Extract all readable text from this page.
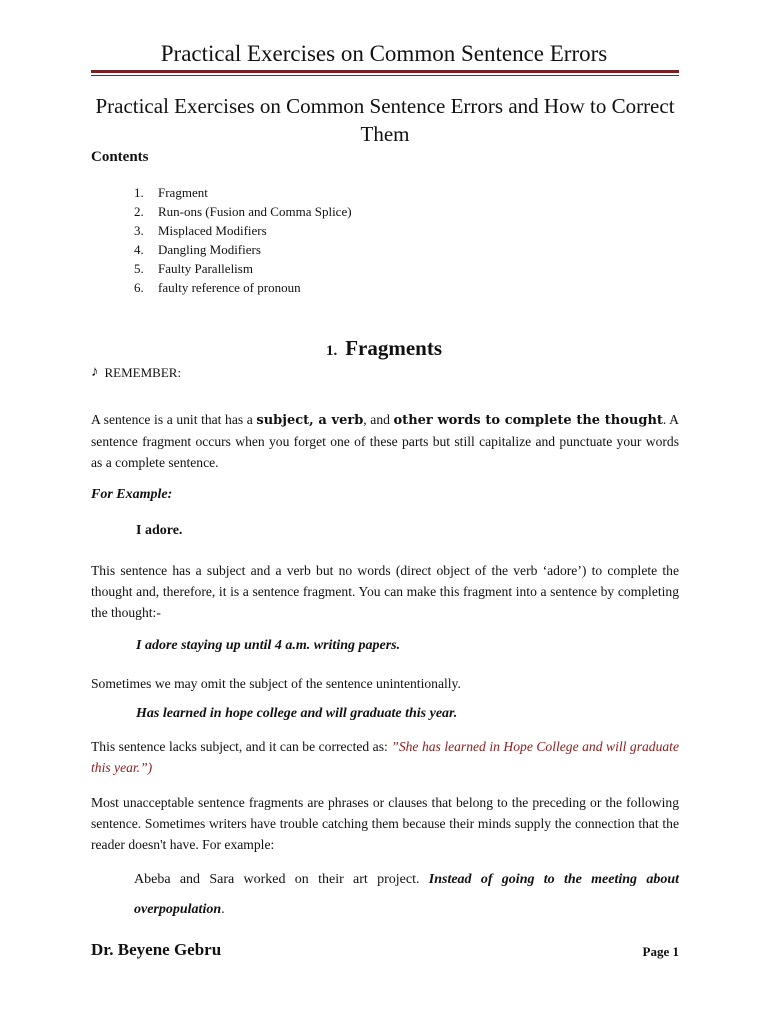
Practical Exercises on Common Sentence Errors
Practical Exercises on Common Sentence Errors and How to Correct Them
Contents
1.	Fragment
2.	Run-ons (Fusion and Comma Splice)
3.	Misplaced Modifiers
4.	Dangling Modifiers
5.	Faulty Parallelism
6.	faulty reference of pronoun
1. Fragments
♪ REMEMBER:
A sentence is a unit that has a subject, a verb, and other words to complete the thought. A sentence fragment occurs when you forget one of these parts but still capitalize and punctuate your words as a complete sentence.
For Example:
I adore.
This sentence has a subject and a verb but no words (direct object of the verb ‘adore’) to complete the thought and, therefore, it is a sentence fragment. You can make this fragment into a sentence by completing the thought:-
I adore staying up until 4 a.m. writing papers.
Sometimes we may omit the subject of the sentence unintentionally.
Has learned in hope college and will graduate this year.
This sentence lacks subject, and it can be corrected as: ”She has learned in Hope College and will graduate this year.”)
Most unacceptable sentence fragments are phrases or clauses that belong to the preceding or the following sentence. Sometimes writers have trouble catching them because their minds supply the connection that the reader doesn't have. For example:
Abeba and Sara worked on their art project. Instead of going to the meeting about overpopulation.
Dr. Beyene Gebru	Page 1
